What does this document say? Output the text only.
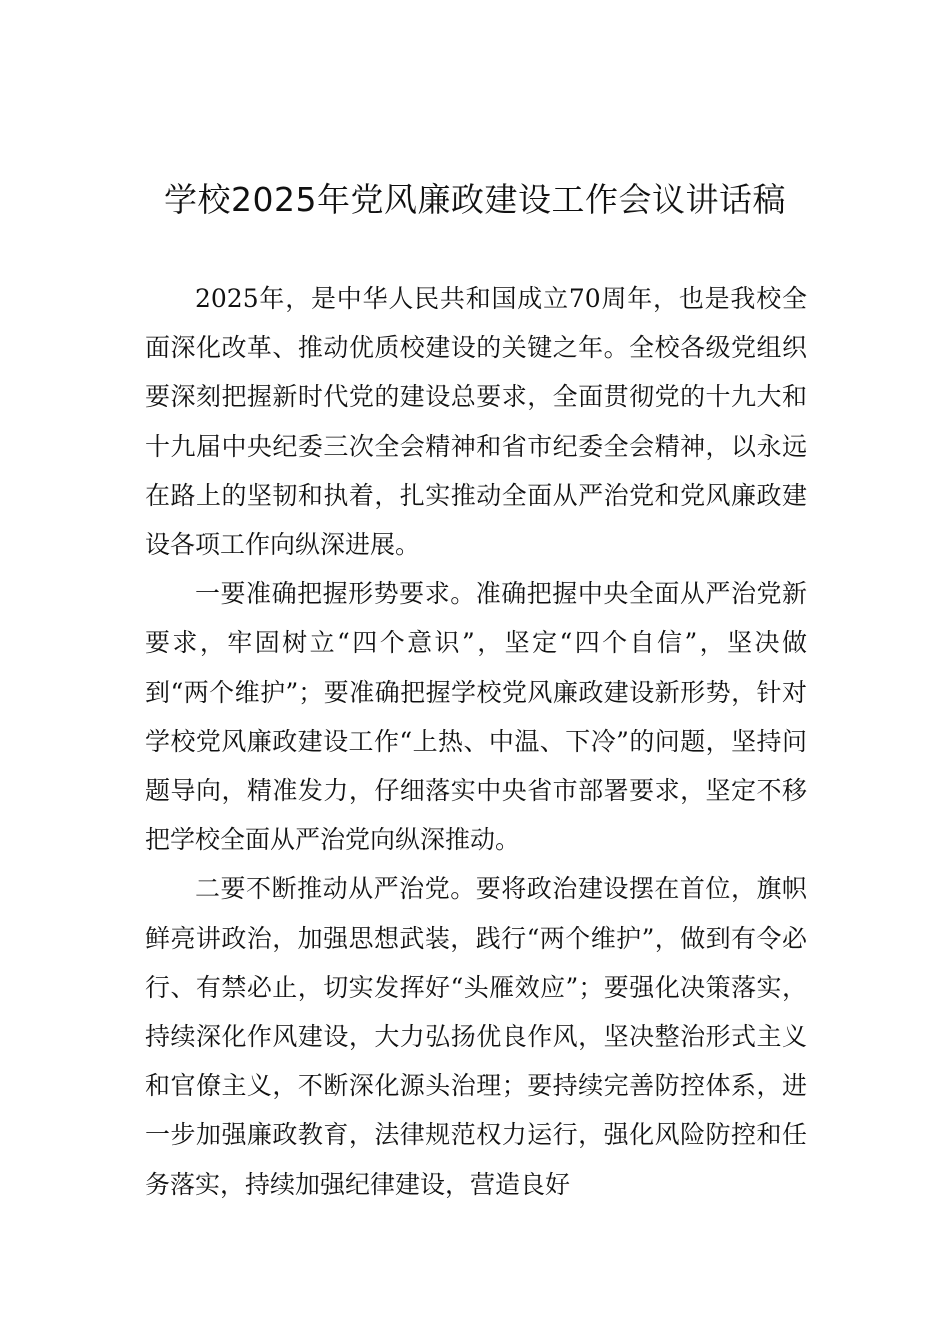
学校2025年党风廉政建设工作会议讲话稿

2025年，是中华人民共和国成立70周年，也是我校全面深化改革、推动优质校建设的关键之年。全校各级党组织要深刻把握新时代党的建设总要求，全面贯彻党的十九大和十九届中央纪委三次全会精神和省市纪委全会精神，以永远在路上的坚韧和执着，扎实推动全面从严治党和党风廉政建设各项工作向纵深进展。

一要准确把握形势要求。准确把握中央全面从严治党新要求，牢固树立“四个意识”，坚定“四个自信”，坚决做到“两个维护”；要准确把握学校党风廉政建设新形势，针对学校党风廉政建设工作“上热、中温、下冷”的问题，坚持问题导向，精准发力，仔细落实中央省市部署要求，坚定不移把学校全面从严治党向纵深推动。

二要不断推动从严治党。要将政治建设摆在首位，旗帜鲜亮讲政治，加强思想武装，践行“两个维护”，做到有令必行、有禁必止，切实发挥好“头雁效应”；要强化决策落实，持续深化作风建设，大力弘扬优良作风，坚决整治形式主义和官僚主义，不断深化源头治理；要持续完善防控体系，进一步加强廉政教育，法律规范权力运行，强化风险防控和任务落实，持续加强纪律建设，营造良好
